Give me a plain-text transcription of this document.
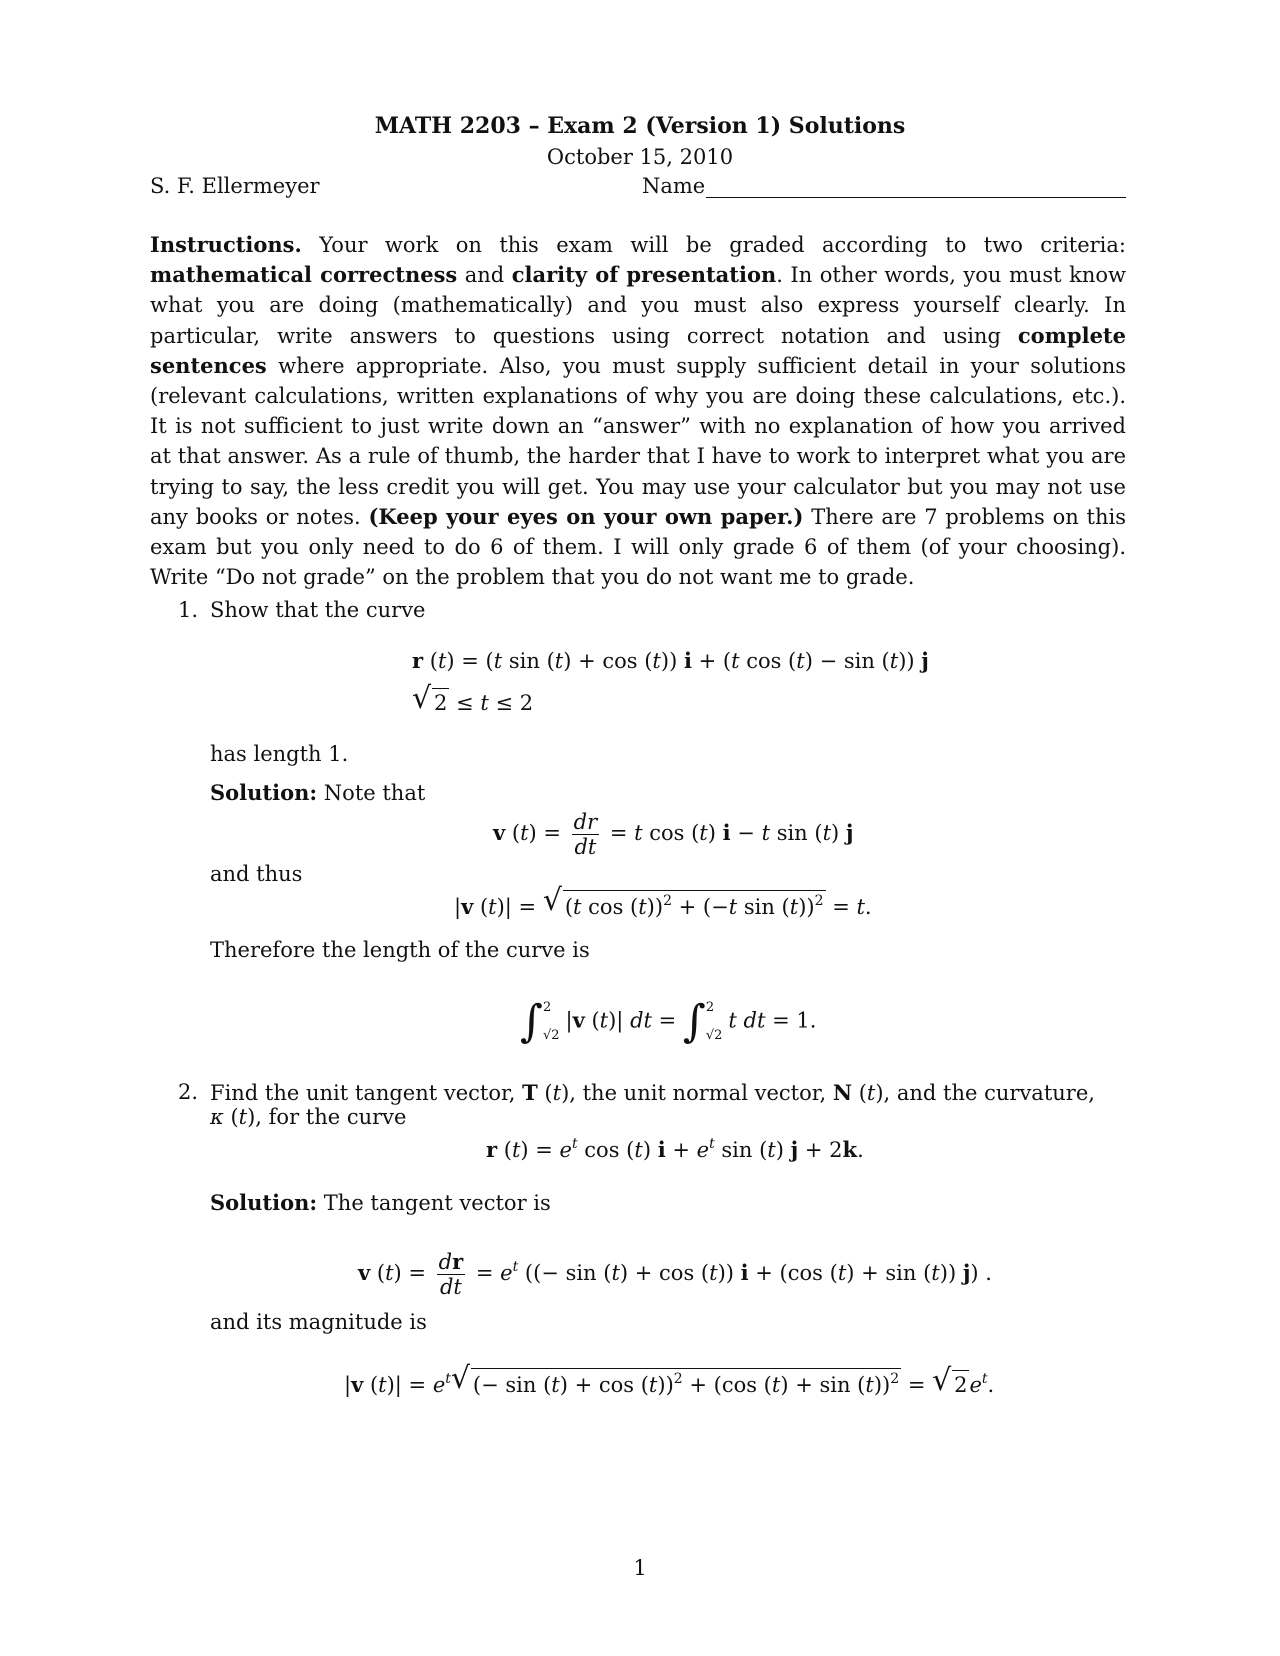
MATH 2203 – Exam 2 (Version 1) Solutions
October 15, 2010
S. F. Ellermeyer	Name
Instructions. Your work on this exam will be graded according to two criteria: mathematical correctness and clarity of presentation. In other words, you must know what you are doing (mathematically) and you must also express yourself clearly. In particular, write answers to questions using correct notation and using complete sentences where appropriate. Also, you must supply sufficient detail in your solutions (relevant calculations, written explanations of why you are doing these calculations, etc.). It is not sufficient to just write down an “answer” with no explanation of how you arrived at that answer. As a rule of thumb, the harder that I have to work to interpret what you are trying to say, the less credit you will get. You may use your calculator but you may not use any books or notes. (Keep your eyes on your own paper.) There are 7 problems on this exam but you only need to do 6 of them. I will only grade 6 of them (of your choosing). Write “Do not grade” on the problem that you do not want me to grade.
1. Show that the curve
r (t) = (t sin (t) + cos (t)) i + (t cos (t) − sin (t)) j
√ 2 ≤ t ≤ 2
has length 1.
Solution: Note that
v $(t) = \frac{dr}{dt} = t$ cos (t) i − t sin (t) j
and thus
|v (t)| = √ (t cos (t))$^2$ + (−t sin (t))$^2$ = t.
Therefore the length of the curve is
∫ 2

√2
|v (t)| dt = ∫ 2

√2
t dt = 1.
2. Find the unit tangent vector, T (t), the unit normal vector, N (t), and the curvature,
κ (t), for the curve
r $(t) = e^t$ cos (t) $i + e^t$ sin (t) j + 2k.
Solution: The tangent vector is
v $(t) = \frac{dr}{dt} = e^t$ ((− sin (t) + cos (t)) i + (cos (t) + sin (t)) j) .
and its magnitude is
|v $(t)| = e^t$ √ (− sin (t) + cos (t))$^2$ + (cos (t) + sin (t))$^2$ = √ $2e^t$.
1
